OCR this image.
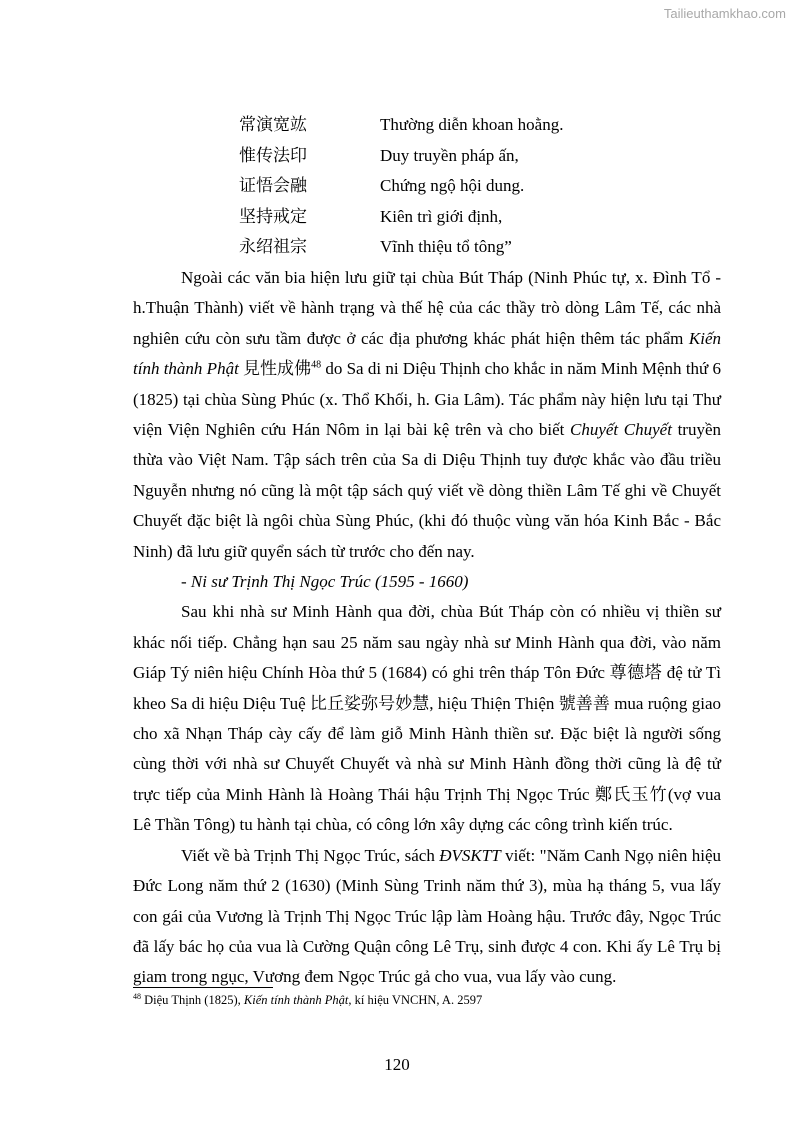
Tailieuthamkhao.com
常演宽竑	Thường diễn khoan hoằng.
惟传法印	Duy truyền pháp ấn,
证悟会融	Chứng ngộ hội dung.
坚持戒定	Kiên trì giới định,
永绍祖宗	Vĩnh thiệu tổ tông”

Ngoài các văn bia hiện lưu giữ tại chùa Bút Tháp (Ninh Phúc tự, x. Đình Tổ - h.Thuận Thành) viết về hành trạng và thế hệ của các thầy trò dòng Lâm Tế, các nhà nghiên cứu còn sưu tầm được ở các địa phương khác phát hiện thêm tác phẩm Kiến tính thành Phật 見性成佛$^{48}$ do Sa di ni Diệu Thịnh cho khắc in năm Minh Mệnh thứ 6 (1825) tại chùa Sùng Phúc (x. Thổ Khối, h. Gia Lâm). Tác phẩm này hiện lưu tại Thư viện Viện Nghiên cứu Hán Nôm in lại bài kệ trên và cho biết Chuyết Chuyết truyền thừa vào Việt Nam. Tập sách trên của Sa di Diệu Thịnh tuy được khắc vào đầu triều Nguyễn nhưng nó cũng là một tập sách quý viết về dòng thiền Lâm Tế ghi về Chuyết Chuyết đặc biệt là ngôi chùa Sùng Phúc, (khi đó thuộc vùng văn hóa Kinh Bắc - Bắc Ninh) đã lưu giữ quyển sách từ trước cho đến nay.

- Ni sư Trịnh Thị Ngọc Trúc (1595 - 1660)

Sau khi nhà sư Minh Hành qua đời, chùa Bút Tháp còn có nhiều vị thiền sư khác nối tiếp. Chẳng hạn sau 25 năm sau ngày nhà sư Minh Hành qua đời, vào năm Giáp Tý niên hiệu Chính Hòa thứ 5 (1684) có ghi trên tháp Tôn Đức 尊德塔 đệ tử Tì kheo Sa di hiệu Diệu Tuệ 比丘娑弥号妙慧, hiệu Thiện Thiện 號善善 mua ruộng giao cho xã Nhạn Tháp cày cấy để làm giỗ Minh Hành thiền sư. Đặc biệt là người sống cùng thời với nhà sư Chuyết Chuyết và nhà sư Minh Hành đồng thời cũng là đệ tử trực tiếp của Minh Hành là Hoàng Thái hậu Trịnh Thị Ngọc Trúc 鄭氏玉竹(vợ vua Lê Thần Tông) tu hành tại chùa, có công lớn xây dựng các công trình kiến trúc.

Viết về bà Trịnh Thị Ngọc Trúc, sách ĐVSKTT viết: "Năm Canh Ngọ niên hiệu Đức Long năm thứ 2 (1630) (Minh Sùng Trinh năm thứ 3), mùa hạ tháng 5, vua lấy con gái của Vương là Trịnh Thị Ngọc Trúc lập làm Hoàng hậu. Trước đây, Ngọc Trúc đã lấy bác họ của vua là Cường Quận công Lê Trụ, sinh được 4 con. Khi ấy Lê Trụ bị giam trong ngục, Vương đem Ngọc Trúc gả cho vua, vua lấy vào cung.

$^{48}$ Diệu Thịnh (1825), Kiến tính thành Phật, kí hiệu VNCHN, A. 2597
120
